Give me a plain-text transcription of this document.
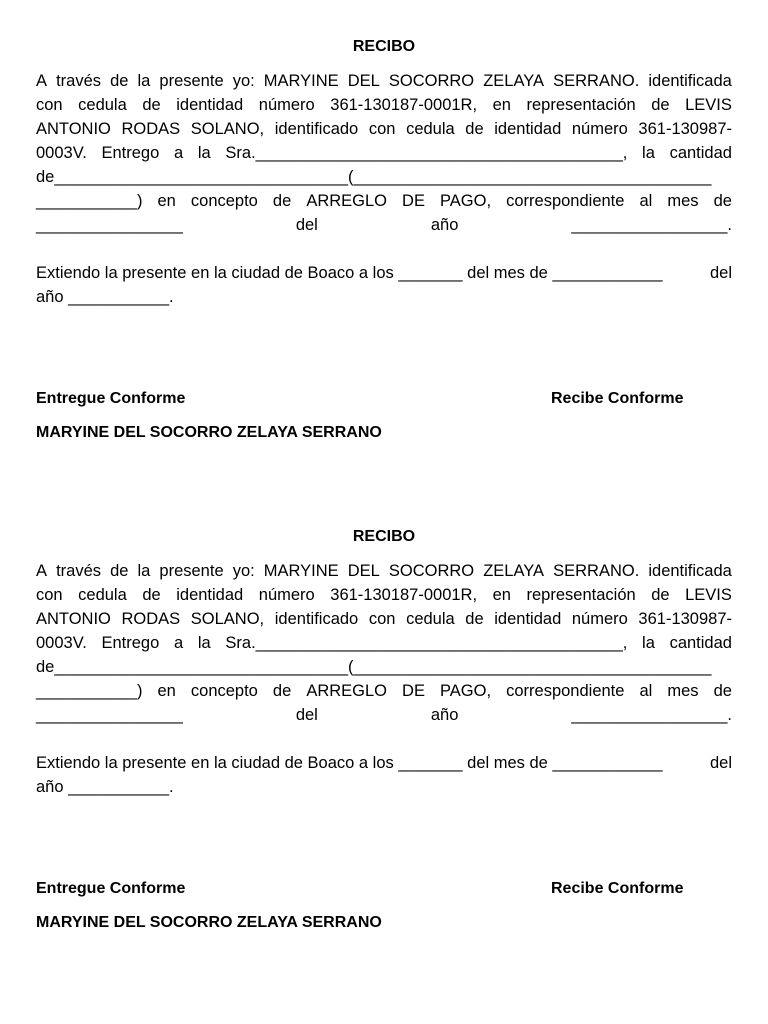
RECIBO
A través de la presente yo: MARYINE DEL SOCORRO ZELAYA SERRANO. identificada
con cedula de identidad número 361-130187-0001R, en representación de LEVIS
ANTONIO RODAS SOLANO, identificado con cedula de identidad número 361-130987-
0003V. Entrego a la Sra.________________________________________, la cantidad
de________________________________(_______________________________________
___________) en concepto de ARREGLO DE PAGO, correspondiente al mes de
________________	del	año	_________________.
Extiendo la presente en la ciudad de Boaco a los _______ del mes de ____________	del
año ___________.
Entregue Conforme	Recibe Conforme
MARYINE DEL SOCORRO ZELAYA SERRANO
RECIBO
A través de la presente yo: MARYINE DEL SOCORRO ZELAYA SERRANO. identificada
con cedula de identidad número 361-130187-0001R, en representación de LEVIS
ANTONIO RODAS SOLANO, identificado con cedula de identidad número 361-130987-
0003V. Entrego a la Sra.________________________________________, la cantidad
de________________________________(_______________________________________
___________) en concepto de ARREGLO DE PAGO, correspondiente al mes de
________________	del	año	_________________.
Extiendo la presente en la ciudad de Boaco a los _______ del mes de ____________	del
año ___________.
Entregue Conforme	Recibe Conforme
MARYINE DEL SOCORRO ZELAYA SERRANO
